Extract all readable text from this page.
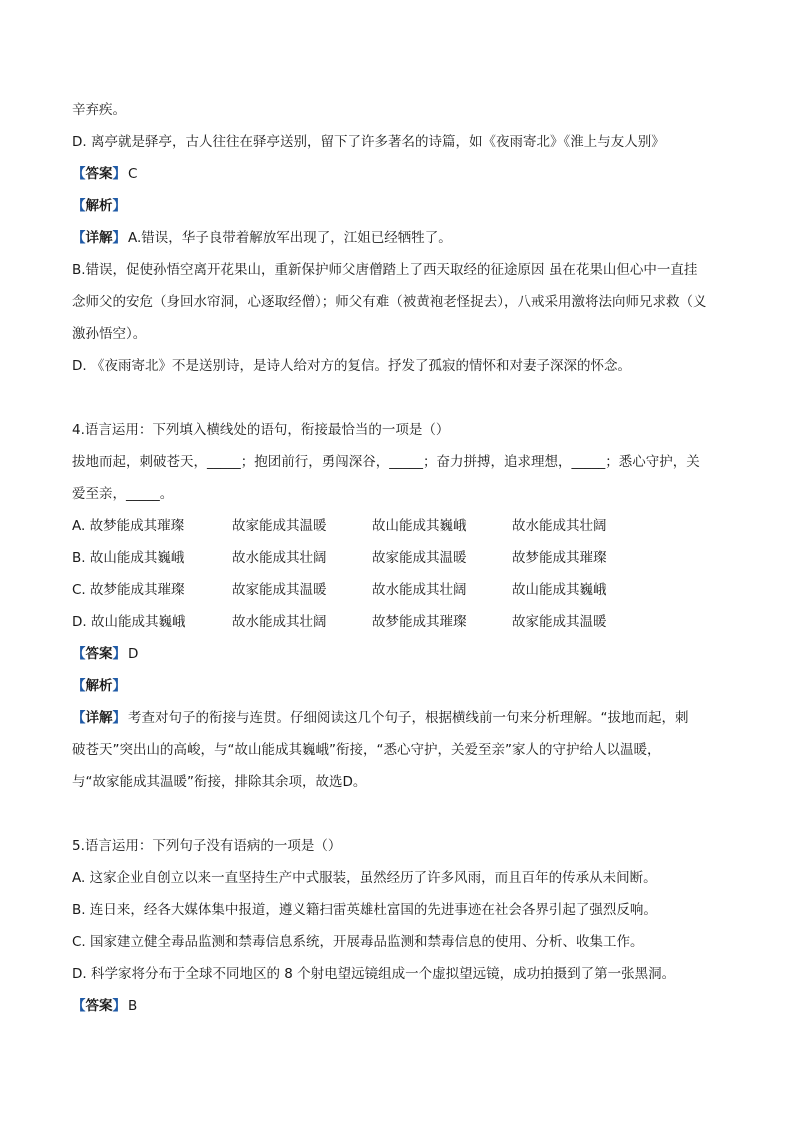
辛弃疾。
D. 离亭就是驿亭，古人往往在驿亭送别，留下了许多著名的诗篇，如《夜雨寄北》《淮上与友人别》
【答案】 C
【解析】
【详解】 A.错误，华子良带着解放军出现了，江姐已经牺牲了。
B.错误，促使孙悟空离开花果山，重新保护师父唐僧踏上了西天取经的征途原因 虽在花果山但心中一直挂
念师父的安危（身回水帘洞，心逐取经僧）；师父有难（被黄袍老怪捉去），八戒采用激将法向师兄求救（义
激孙悟空）。
D. 《夜雨寄北》不是送别诗，是诗人给对方的复信。抒发了孤寂的情怀和对妻子深深的怀念。
4.语言运用：下列填入横线处的语句，衔接最恰当的一项是（）
拔地而起，刺破苍天，_____；抱团前行，勇闯深谷，_____；奋力拼搏，追求理想，_____；悉心守护，关
爱至亲，_____。
A. 故梦能成其璀璨	故家能成其温暖	故山能成其巍峨	故水能成其壮阔
B. 故山能成其巍峨	故水能成其壮阔	故家能成其温暖	故梦能成其璀璨
C. 故梦能成其璀璨	故家能成其温暖	故水能成其壮阔	故山能成其巍峨
D. 故山能成其巍峨	故水能成其壮阔	故梦能成其璀璨	故家能成其温暖
【答案】 D
【解析】
【详解】 考查对句子的衔接与连贯。仔细阅读这几个句子，根据横线前一句来分析理解。“拔地而起，刺
破苍天”突出山的高峻，与“故山能成其巍峨”衔接，“悉心守护，关爱至亲”家人的守护给人以温暖，
与“故家能成其温暖”衔接，排除其余项，故选D。
5.语言运用：下列句子没有语病的一项是（）
A. 这家企业自创立以来一直坚持生产中式服装，虽然经历了许多风雨，而且百年的传承从未间断。
B. 连日来，经各大媒体集中报道，遵义籍扫雷英雄杜富国的先进事迹在社会各界引起了强烈反响。
C. 国家建立健全毒品监测和禁毒信息系统，开展毒品监测和禁毒信息的使用、分析、收集工作。
D. 科学家将分布于全球不同地区的 8 个射电望远镜组成一个虚拟望远镜，成功拍摄到了第一张黑洞。
【答案】 B
